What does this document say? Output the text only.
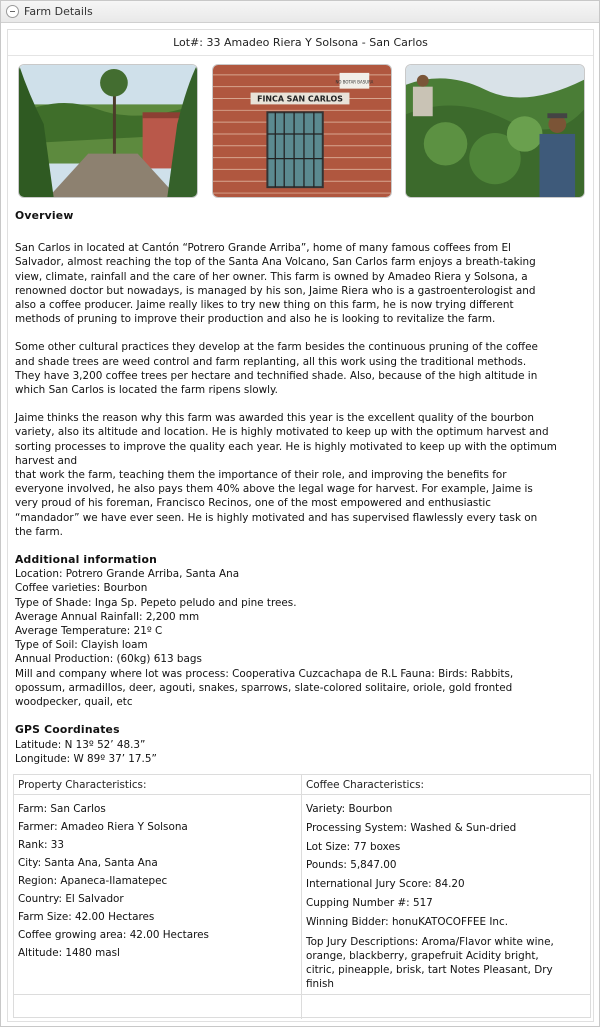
Farm Details
Lot#: 33 Amadeo Riera Y Solsona - San Carlos
FINCA SAN CARLOS
NO BOTAR BASURA
Overview
San Carlos in located at Cantón “Potrero Grande Arriba”, home of many famous coffees from El
Salvador, almost reaching the top of the Santa Ana Volcano, San Carlos farm enjoys a breath-taking
view, climate, rainfall and the care of her owner. This farm is owned by Amadeo Riera y Solsona, a
renowned doctor but nowadays, is managed by his son, Jaime Riera who is a gastroenterologist and
also a coffee producer. Jaime really likes to try new thing on this farm, he is now trying different
methods of pruning to improve their production and also he is looking to revitalize the farm.
Some other cultural practices they develop at the farm besides the continuous pruning of the coffee
and shade trees are weed control and farm replanting, all this work using the traditional methods.
They have 3,200 coffee trees per hectare and technified shade. Also, because of the high altitude in
which San Carlos is located the farm ripens slowly.
Jaime thinks the reason why this farm was awarded this year is the excellent quality of the bourbon
variety, also its altitude and location. He is highly motivated to keep up with the optimum harvest and
sorting processes to improve the quality each year. He is highly motivated to keep up with the optimum harvest and
that work the farm, teaching them the importance of their role, and improving the benefits for
everyone involved, he also pays them 40% above the legal wage for harvest. For example, Jaime is
very proud of his foreman, Francisco Recinos, one of the most empowered and enthusiastic
“mandador” we have ever seen. He is highly motivated and has supervised flawlessly every task on
the farm.
Additional information
Location: Potrero Grande Arriba, Santa Ana
Coffee varieties: Bourbon
Type of Shade: Inga Sp. Pepeto peludo and pine trees.
Average Annual Rainfall: 2,200 mm
Average Temperature: 21º C
Type of Soil: Clayish loam
Annual Production: (60kg) 613 bags
Mill and company where lot was process: Cooperativa Cuzcachapa de R.L Fauna: Birds: Rabbits,
opossum, armadillos, deer, agouti, snakes, sparrows, slate-colored solitaire, oriole, gold fronted
woodpecker, quail, etc
GPS Coordinates
Latitude: N 13º 52’ 48.3”
Longitude: W 89º 37’ 17.5”
Property Characteristics:
Farm: San Carlos
Farmer: Amadeo Riera Y Solsona
Rank: 33
City: Santa Ana, Santa Ana
Region: Apaneca-Ilamatepec
Country: El Salvador
Farm Size: 42.00 Hectares
Coffee growing area: 42.00 Hectares
Altitude: 1480 masl
Coffee Characteristics:
Variety: Bourbon
Processing System: Washed & Sun-dried
Lot Size: 77 boxes
Pounds: 5,847.00
International Jury Score: 84.20
Cupping Number #: 517
Winning Bidder: honuKATOCOFFEE Inc.
Top Jury Descriptions: Aroma/Flavor white wine,
orange, blackberry, grapefruit Acidity bright,
citric, pineapple, brisk, tart Notes Pleasant, Dry
finish
